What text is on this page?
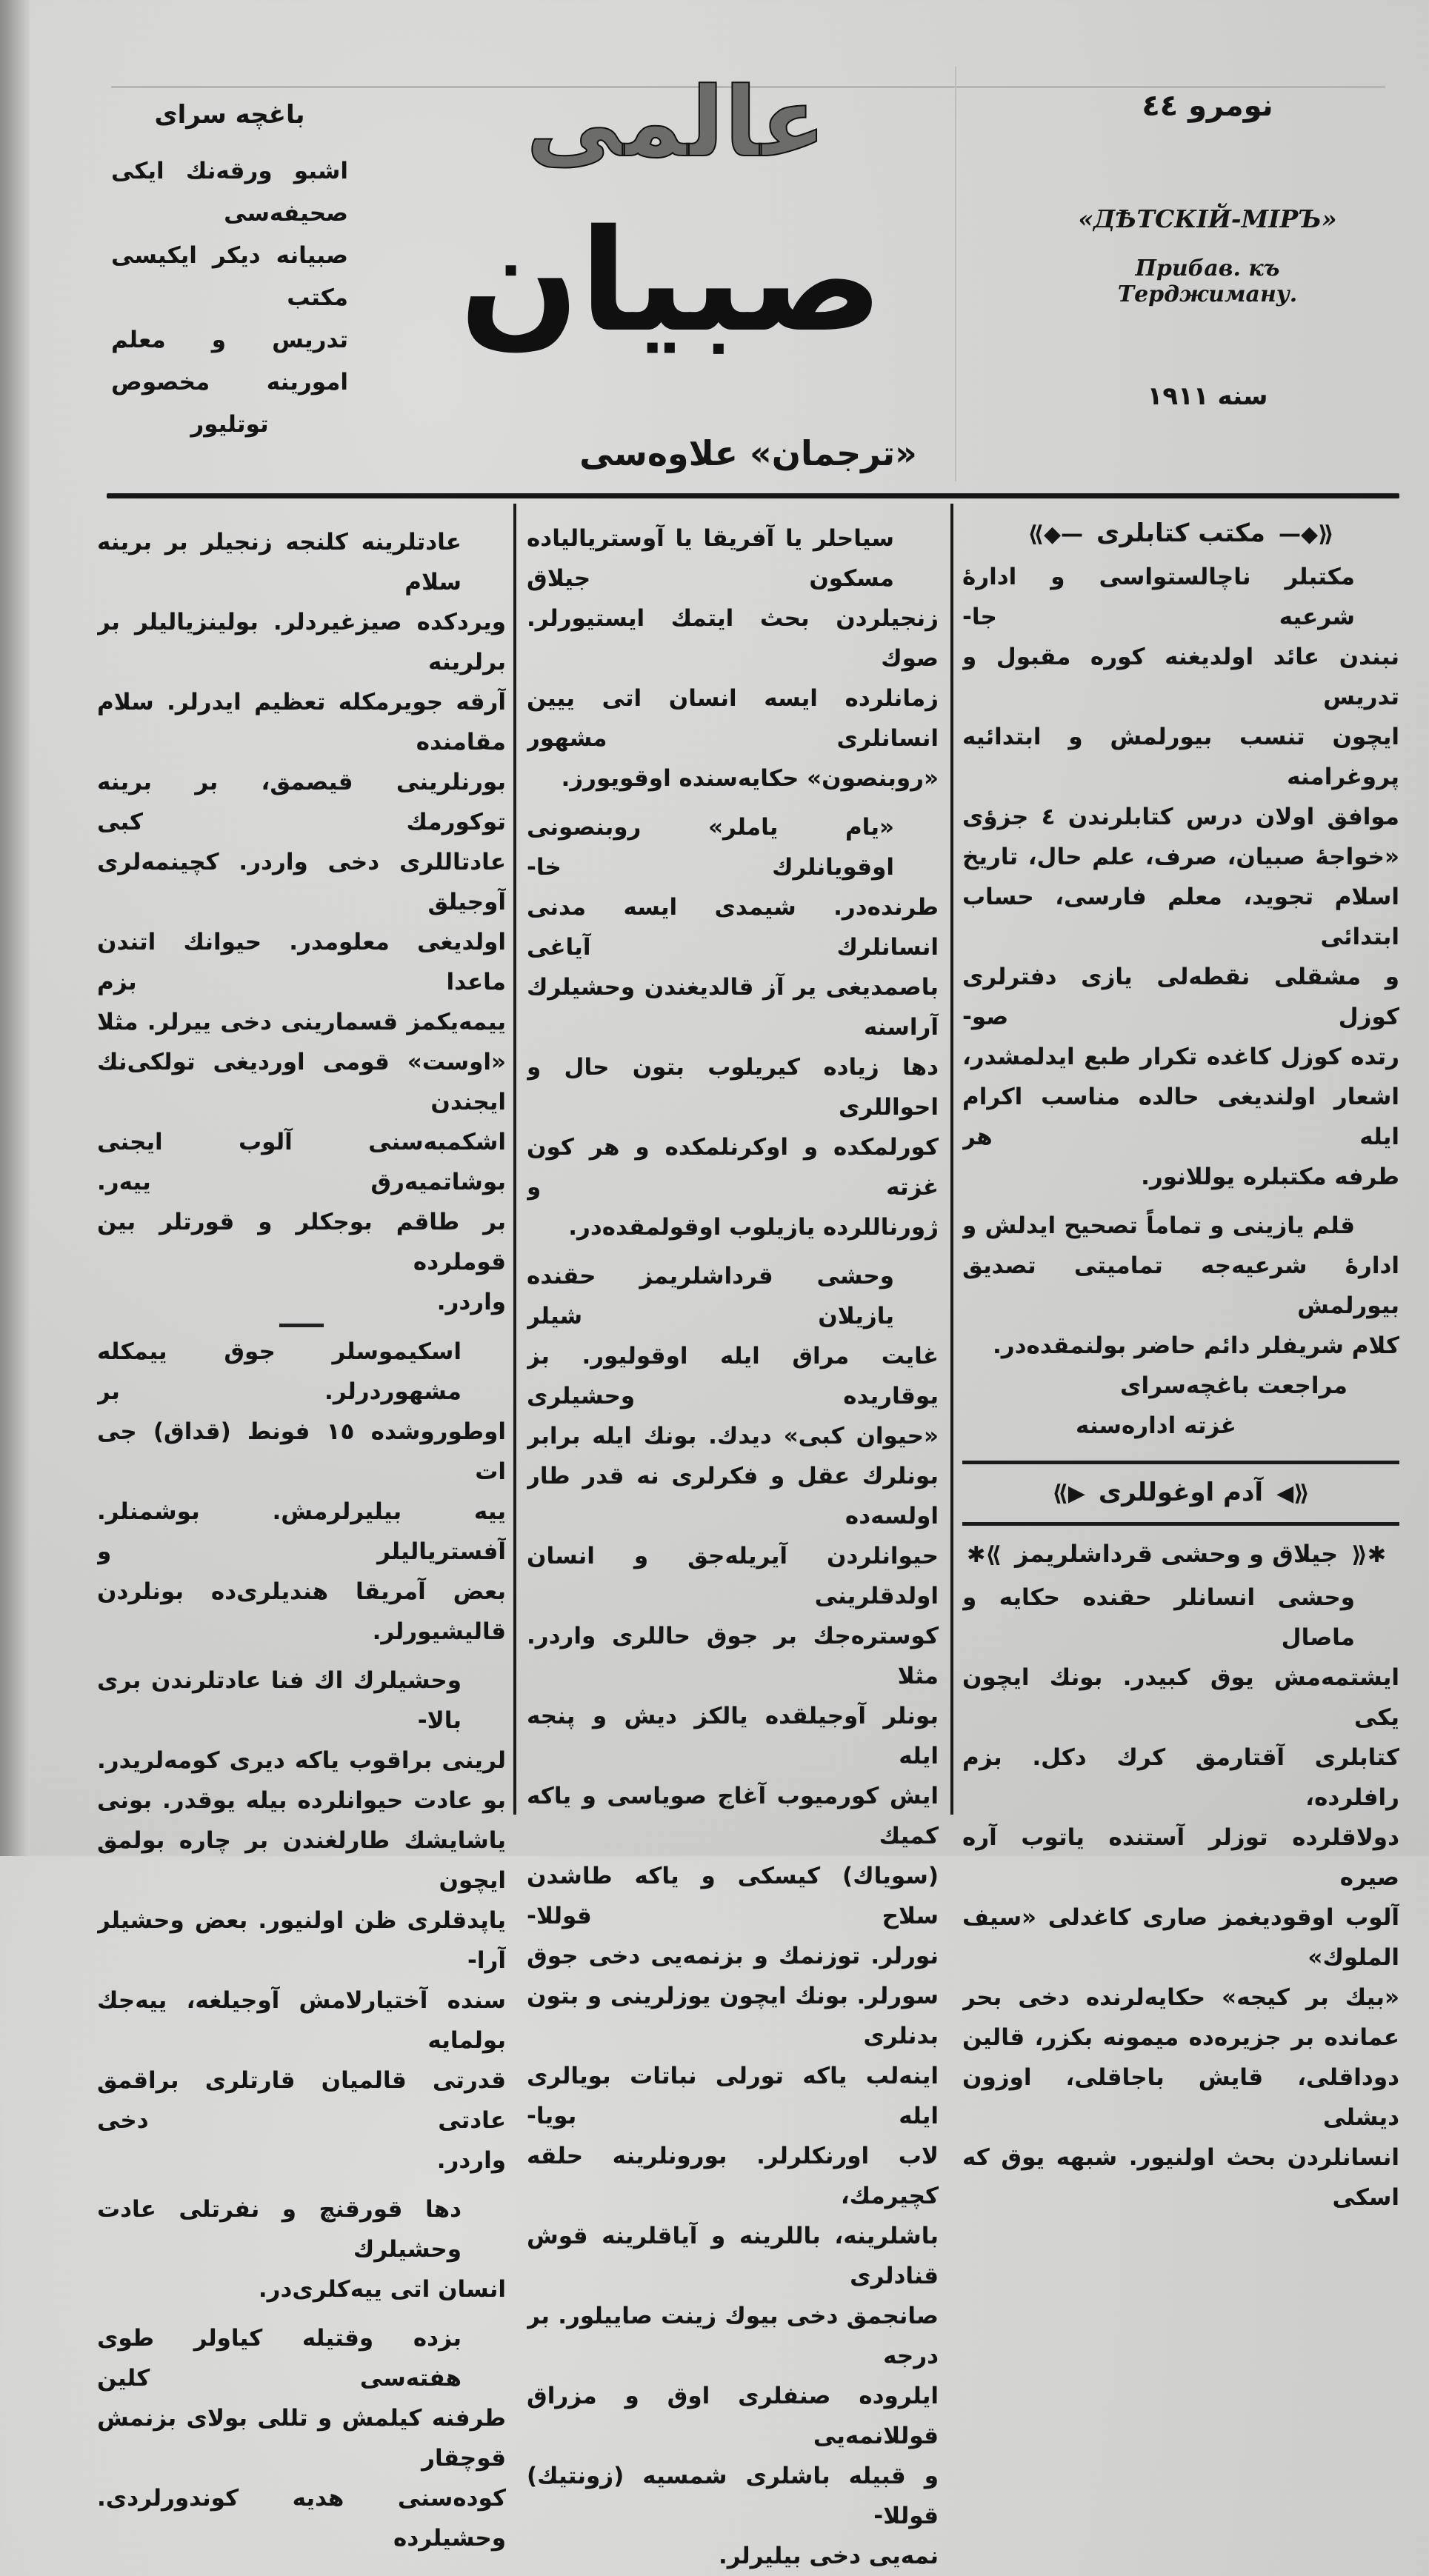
باغچه سرای
اشبو ورقه‌نك ایکی صحیفه‌سی
صبیانه دیکر ایکیسی مکتب
تدریس و معلم امورینه مخصوص
توتلیور
عالمی
صبیان
نومرو ٤٤
«ДѢТСКІЙ-МІРЪ»
Прибав. къ Терджиману.
سنه ١٩١١
«ترجمان» علاوه‌سی
عادتلرینه کلنجه زنجیلر بر برینه سلام
ویردکده صیزغیردلر. بولینزیالیلر بر برلرینه
آرقه جویرمکله تعظیم ایدرلر. سلام مقامنده
بورنلرینی قیصمق، بر برینه توکورمك کبی
عادتاللری دخی واردر. کچینمه‌لری آوجیلق
اولدیغی معلومدر. حیوانك اتندن ماعدا بزم
ییمه‌یکمز قسمارینی دخی ییرلر. مثلا
«اوست» قومی اوردیغی تولکی‌نك ایجندن
اشکمبه‌سنی آلوب ایجنی بوشاتمیه‌رق ییه‌ر.
بر طاقم بوجکلر و قورتلر بین قوملرده
واردر.
اسکیموسلر جوق ییمکله مشهوردرلر. بر
اوطوروشده ١٥ فونط (قداق) جی ات
ییه بیلیرلرمش. بوشمنلر. آفستریالیلر و
بعض آمریقا هندیلری‌ده بونلردن قالیشیورلر.
وحشیلرك اك فنا عادتلرندن بری بالا-
لرینی براقوب یاکه دیری کومه‌لریدر.
بو عادت حیوانلرده بیله یوقدر. بونی
یاشایشك طارلغندن بر چاره بولمق ایچون
یاپدقلری ظن اولنیور. بعض وحشیلر آرا-
سنده آختیارلامش آوجیلغه، ییه‌جك بولمایه
قدرتی قالمیان قارتلری براقمق عادتی دخی
واردر.
دها قورقنچ و نفرتلی عادت وحشیلرك
انسان اتی ییه‌کلری‌در.
بزده وقتیله کیاولر طوی هفته‌سی کلین
طرفنه کیلمش و تللی بولای بزنمش قوچقار
کوده‌سنی هدیه کوندورلردی. وحشیلرده
سیاحلر یا آفریقا یا آوستریالیاده مسکون جیلاق
زنجیلردن بحث ایتمك ایستیورلر. صوك
زمانلرده ایسه انسان اتی ییین انسانلری مشهور
«روبنصون» حکایه‌سنده اوقویورز.
«یام یاملر» روبنصونی اوقویانلرك خا-
طرنده‌در. شیمدی ایسه مدنی انسانلرك آیاغی
باصمدیغی یر آز قالدیغندن وحشیلرك آراسنه
دها زیاده کیریلوب بتون حال و احواللری
کورلمکده و اوکرنلمکده و هر کون غزته و
ژورناللرده یازیلوب اوقولمقده‌در.
وحشی قرداشلریمز حقنده یازیلان شیلر
غایت مراق ایله اوقولیور. بز یوقاریده وحشیلری
«حیوان کبی» دیدك. بونك ایله برابر
بونلرك عقل و فکرلری نه قدر طار اولسه‌ده
حیوانلردن آیریله‌جق و انسان اولدقلرینی
کوستره‌جك بر جوق حاللری واردر. مثلا
بونلر آوجیلقده یالکز دیش و پنجه ایله
ایش کورمیوب آغاج صویاسی و یاکه کمیك
(سویاك) کیسکی و یاکه طاشدن سلاح قوللا-
نورلر. توزنمك و بزنمه‌یی دخی جوق
سورلر. بونك ایچون یوزلرینی و بتون بدنلری
اینه‌لب یاکه تورلی نباتات بویالری ایله بویا-
لاب اورنکلرلر. بورونلرینه حلقه کچیرمك،
باشلرینه، باللرینه و آیاقلرینه قوش قنادلری
صانجمق دخی بیوك زینت صاییلور. بر درجه
ایلروده صنفلری اوق و مزراق قوللانمه‌یی
و قبیله باشلری شمسیه (زونتیك) قوللا-
نمه‌یی دخی بیلیرلر.
⟪◆—مکتب کتابلری—◆⟫
مکتبلر ناچالستواسی و ادارهٔ شرعیه جا-
نبندن عائد اولدیغنه کوره مقبول و تدریس
ایچون تنسب بیورلمش و ابتدائیه پروغرامنه
موافق اولان درس کتابلرندن ٤ جزؤی
«خواجهٔ صبیان، صرف، علم حال، تاریخ
اسلام تجوید، معلم فارسی، حساب ابتدائی
و مشقلی نقطه‌لی یازی دفترلری کوزل صو-
رتده کوزل کاغده تکرار طبع ایدلمشدر،
اشعار اولندیغی حالده مناسب اکرام ایله هر
طرفه مکتبلره یوللانور.
قلم یازینی و تماماً تصحیح ایدلش و
ادارهٔ شرعیه‌جه تمامیتی تصدیق بیورلمش
کلام شریفلر دائم حاضر بولنمقده‌در.
مراجعت باغچه‌سرای
غزته اداره‌سنه
⟪◀آدم اوغوللری▶⟫
✱⟪جیلاق و وحشی قرداشلریمز⟫✱
وحشی انسانلر حقنده حکایه و ماصال
ایشتمه‌مش یوق کبیدر. بونك ایچون یکی
کتابلری آقتارمق کرك دکل. بزم رافلرده،
دولاقلرده توزلر آستنده یاتوب آره صیره
آلوب اوقودیغمز صاری کاغدلی «سیف الملوك»
«بیك بر کیجه» حکایه‌لرنده دخی بحر
عمانده بر جزیره‌ده میمونه بکزر، قالین
دوداقلی، قایش باجاقلی، اوزون دیشلی
انسانلردن بحث اولنیور. شبهه یوق که اسکی
